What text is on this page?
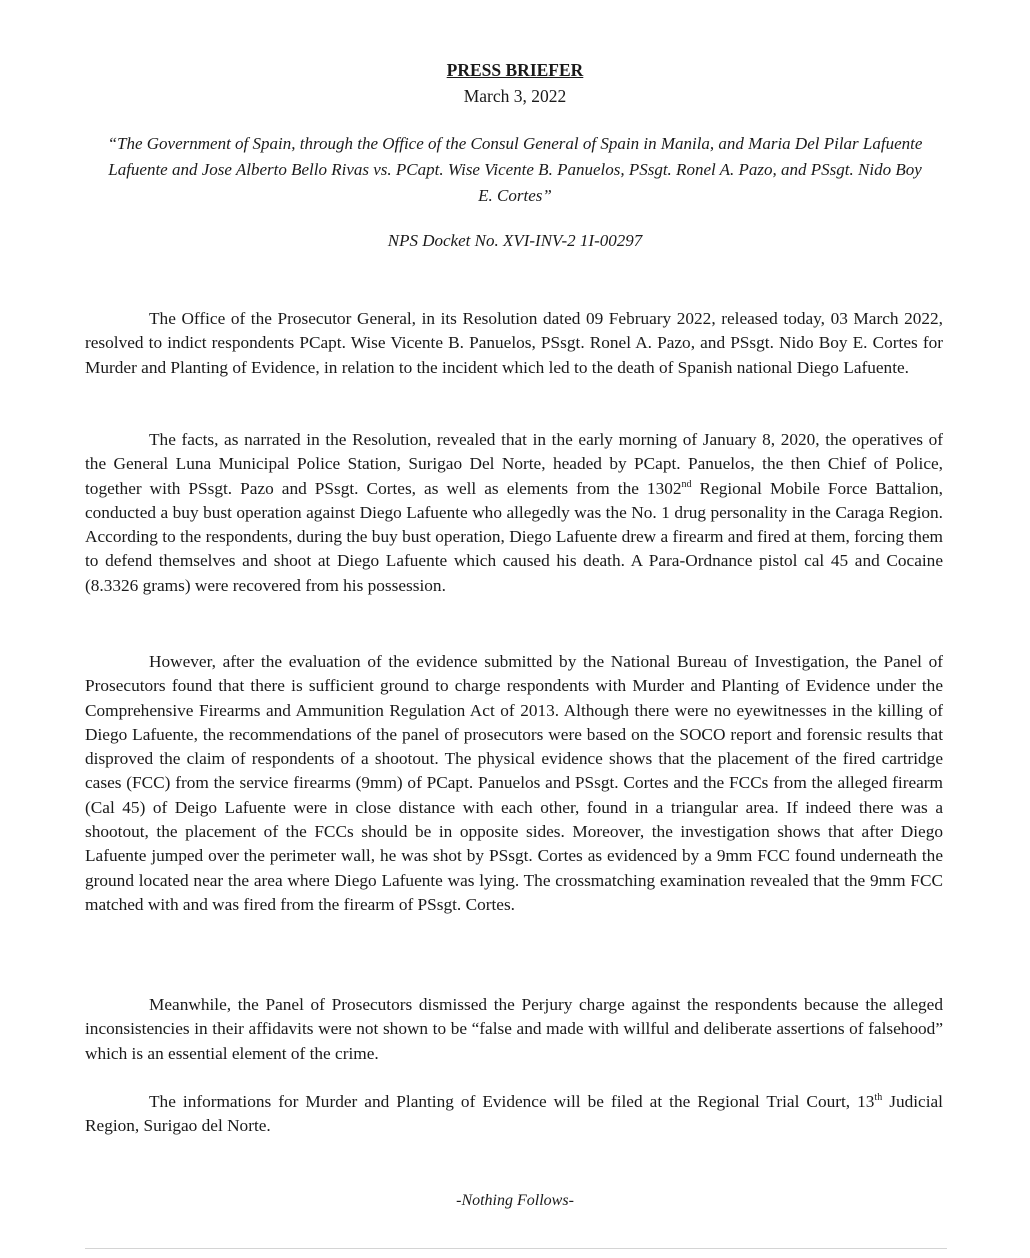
PRESS BRIEFER
March 3, 2022
“The Government of Spain, through the Office of the Consul General of Spain in Manila, and Maria Del Pilar Lafuente Lafuente and Jose Alberto Bello Rivas vs. PCapt. Wise Vicente B. Panuelos, PSsgt. Ronel A. Pazo, and PSsgt. Nido Boy E. Cortes”
NPS Docket No. XVI-INV-2 1I-00297

The Office of the Prosecutor General, in its Resolution dated 09 February 2022, released today, 03 March 2022, resolved to indict respondents PCapt. Wise Vicente B. Panuelos, PSsgt. Ronel A. Pazo, and PSsgt. Nido Boy E. Cortes for Murder and Planting of Evidence, in relation to the incident which led to the death of Spanish national Diego Lafuente.

The facts, as narrated in the Resolution, revealed that in the early morning of January 8, 2020, the operatives of the General Luna Municipal Police Station, Surigao Del Norte, headed by PCapt. Panuelos, the then Chief of Police, together with PSsgt. Pazo and PSsgt. Cortes, as well as elements from the 1302nd Regional Mobile Force Battalion, conducted a buy bust operation against Diego Lafuente who allegedly was the No. 1 drug personality in the Caraga Region. According to the respondents, during the buy bust operation, Diego Lafuente drew a firearm and fired at them, forcing them to defend themselves and shoot at Diego Lafuente which caused his death. A Para-Ordnance pistol cal 45 and Cocaine (8.3326 grams) were recovered from his possession.

However, after the evaluation of the evidence submitted by the National Bureau of Investigation, the Panel of Prosecutors found that there is sufficient ground to charge respondents with Murder and Planting of Evidence under the Comprehensive Firearms and Ammunition Regulation Act of 2013. Although there were no eyewitnesses in the killing of Diego Lafuente, the recommendations of the panel of prosecutors were based on the SOCO report and forensic results that disproved the claim of respondents of a shootout. The physical evidence shows that the placement of the fired cartridge cases (FCC) from the service firearms (9mm) of PCapt. Panuelos and PSsgt. Cortes and the FCCs from the alleged firearm (Cal 45) of Deigo Lafuente were in close distance with each other, found in a triangular area. If indeed there was a shootout, the placement of the FCCs should be in opposite sides. Moreover, the investigation shows that after Diego Lafuente jumped over the perimeter wall, he was shot by PSsgt. Cortes as evidenced by a 9mm FCC found underneath the ground located near the area where Diego Lafuente was lying. The crossmatching examination revealed that the 9mm FCC matched with and was fired from the firearm of PSsgt. Cortes.

Meanwhile, the Panel of Prosecutors dismissed the Perjury charge against the respondents because the alleged inconsistencies in their affidavits were not shown to be “false and made with willful and deliberate assertions of falsehood” which is an essential element of the crime.

The informations for Murder and Planting of Evidence will be filed at the Regional Trial Court, 13th Judicial Region, Surigao del Norte.

-Nothing Follows-
